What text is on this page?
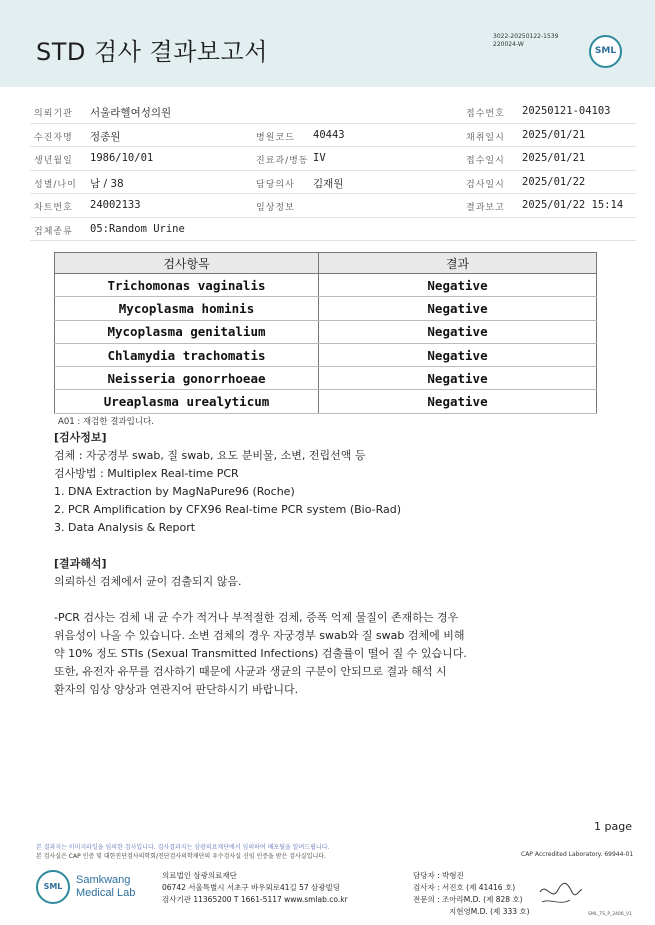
STD 검사 결과보고서
3022-20250122-1539
220024-W
SML
의뢰기관 서울라헬여성의원	접수번호 20250121-04103
수진자명 정종원	병원코드 40443	채취일시 2025/01/21
생년월일 1986/10/01	진료과/병동 IV	접수일시 2025/01/21
성별/나이 남 / 38	담당의사 김재원	검사일시 2025/01/22
차트번호 24002133	임상정보	결과보고 2025/01/22 15:14
검체종류 05:Random Urine
검사항목	결과
Trichomonas vaginalis	Negative
Mycoplasma hominis	Negative
Mycoplasma genitalium	Negative
Chlamydia trachomatis	Negative
Neisseria gonorrhoeae	Negative
Ureaplasma urealyticum	Negative
A01 : 재검한 결과입니다.
[검사정보]
검체 : 자궁경부 swab, 질 swab, 요도 분비물, 소변, 전립선액 등
검사방법 : Multiplex Real-time PCR
1. DNA Extraction by MagNaPure96 (Roche)
2. PCR Amplification by CFX96 Real-time PCR system (Bio-Rad)
3. Data Analysis & Report
[결과해석]
의뢰하신 검체에서 균이 검출되지 않음.
-PCR 검사는 검체 내 균 수가 적거나 부적절한 검체, 증폭 억제 물질이 존재하는 경우
위음성이 나올 수 있습니다. 소변 검체의 경우 자궁경부 swab와 질 swab 검체에 비해
약 10% 정도 STIs (Sexual Transmitted Infections) 검출률이 떨어 질 수 있습니다.
또한, 유전자 유무를 검사하기 때문에 사균과 생균의 구분이 안되므로 결과 해석 시
환자의 임상 양상과 연관지어 판단하시기 바랍니다.
1 page
본 결과지는 이미지파일을 임의한 검사입니다. 검사결과지는 삼광의료재단에서 임의하여 배포될을 알려드립니다.
본 검사실은 CAP 인증 및 대한진단검사의학회/진단검사의학재단의 우수검사실 신임 인증을 받은 검사실입니다.	CAP Accredited Laboratory. 69944-01
SML
Samkwang
Medical Lab
의료법인 삼광의료재단
06742 서울특별시 서초구 바우뫼로41길 57 삼광빌딩
검사기관 11365200 T 1661-5117 www.smlab.co.kr
담당자 : 박형진
검사자 : 서진호 (제 41416 호)
전문의 : 조아라M.D. (제 828 호)
지현영M.D. (제 333 호)	SML_TS_P_2406_V1
